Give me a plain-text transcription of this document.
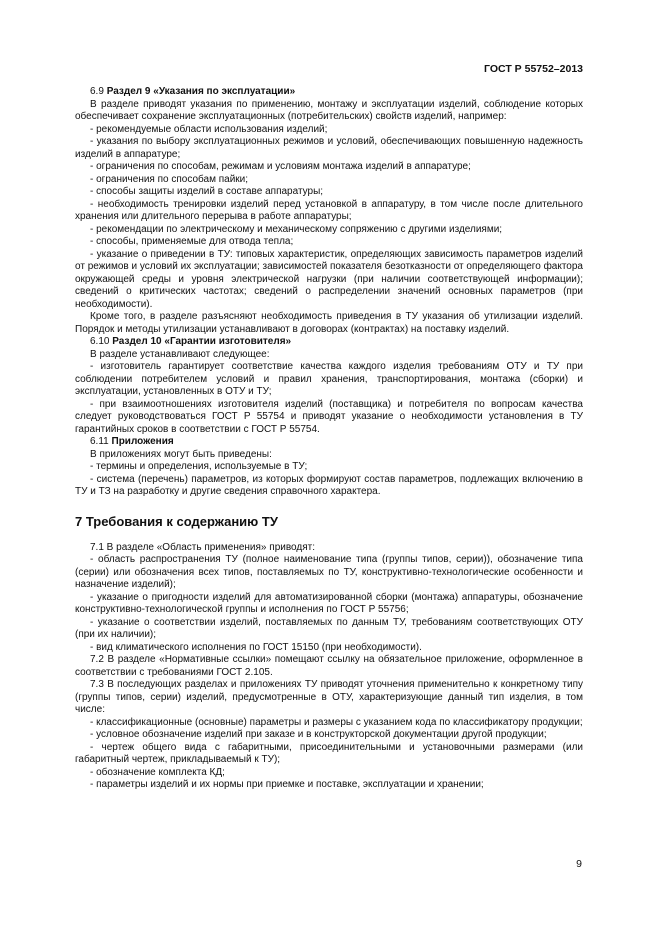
ГОСТ Р 55752–2013

6.9 Раздел 9 «Указания по эксплуатации»

В разделе приводят указания по применению, монтажу и эксплуатации изделий, соблюдение которых обеспечивает сохранение эксплуатационных (потребительских) свойств изделий, например:

- рекомендуемые области использования изделий;

- указания по выбору эксплуатационных режимов и условий, обеспечивающих повышенную надежность изделий в аппаратуре;

- ограничения по способам, режимам и условиям монтажа изделий в аппаратуре;

- ограничения по способам пайки;

- способы защиты изделий в составе аппаратуры;

- необходимость тренировки изделий перед установкой в аппаратуру, в том числе после длительного хранения или длительного перерыва в работе аппаратуры;

- рекомендации по электрическому и механическому сопряжению с другими изделиями;

- способы, применяемые для отвода тепла;

- указание о приведении в ТУ: типовых характеристик, определяющих зависимость параметров изделий от режимов и условий их эксплуатации; зависимостей показателя безотказности от определяющего фактора окружающей среды и уровня электрической нагрузки (при наличии соответствующей информации); сведений о критических частотах; сведений о распределении значений основных параметров (при необходимости).

Кроме того, в разделе разъясняют необходимость приведения в ТУ указания об утилизации изделий. Порядок и методы утилизации устанавливают в договорах (контрактах) на поставку изделий.

6.10 Раздел 10 «Гарантии изготовителя»

В разделе устанавливают следующее:

- изготовитель гарантирует соответствие качества каждого изделия требованиям ОТУ и ТУ при соблюдении потребителем условий и правил хранения, транспортирования, монтажа (сборки) и эксплуатации, установленных в ОТУ и ТУ;

- при взаимоотношениях изготовителя изделий (поставщика) и потребителя по вопросам качества следует руководствоваться ГОСТ Р 55754 и приводят указание о необходимости установления в ТУ гарантийных сроков в соответствии с ГОСТ Р 55754.

6.11 Приложения

В приложениях могут быть приведены:

- термины и определения, используемые в ТУ;

- система (перечень) параметров, из которых формируют состав параметров, подлежащих включению в ТУ и ТЗ на разработку и другие сведения справочного характера.

7 Требования к содержанию ТУ

7.1 В разделе «Область применения» приводят:

- область распространения ТУ (полное наименование типа (группы типов, серии)), обозначение типа (серии) или обозначения всех типов, поставляемых по ТУ, конструктивно-технологические особенности и назначение изделий);

- указание о пригодности изделий для автоматизированной сборки (монтажа) аппаратуры, обозначение конструктивно-технологической группы и исполнения по ГОСТ Р 55756;

- указание о соответствии изделий, поставляемых по данным ТУ, требованиям соответствующих ОТУ (при их наличии);

- вид климатического исполнения по ГОСТ 15150 (при необходимости).

7.2 В разделе «Нормативные ссылки» помещают ссылку на обязательное приложение, оформленное в соответствии с требованиями ГОСТ 2.105.

7.3 В последующих разделах и приложениях ТУ приводят уточнения применительно к конкретному типу (группы типов, серии) изделий, предусмотренные в ОТУ, характеризующие данный тип изделия, в том числе:

- классификационные (основные) параметры и размеры с указанием кода по классификатору продукции;

- условное обозначение изделий при заказе и в конструкторской документации другой продукции;

- чертеж общего вида с габаритными, присоединительными и установочными размерами (или габаритный чертеж, прикладываемый к ТУ);

- обозначение комплекта КД;

- параметры изделий и их нормы при приемке и поставке, эксплуатации и хранении;

9
